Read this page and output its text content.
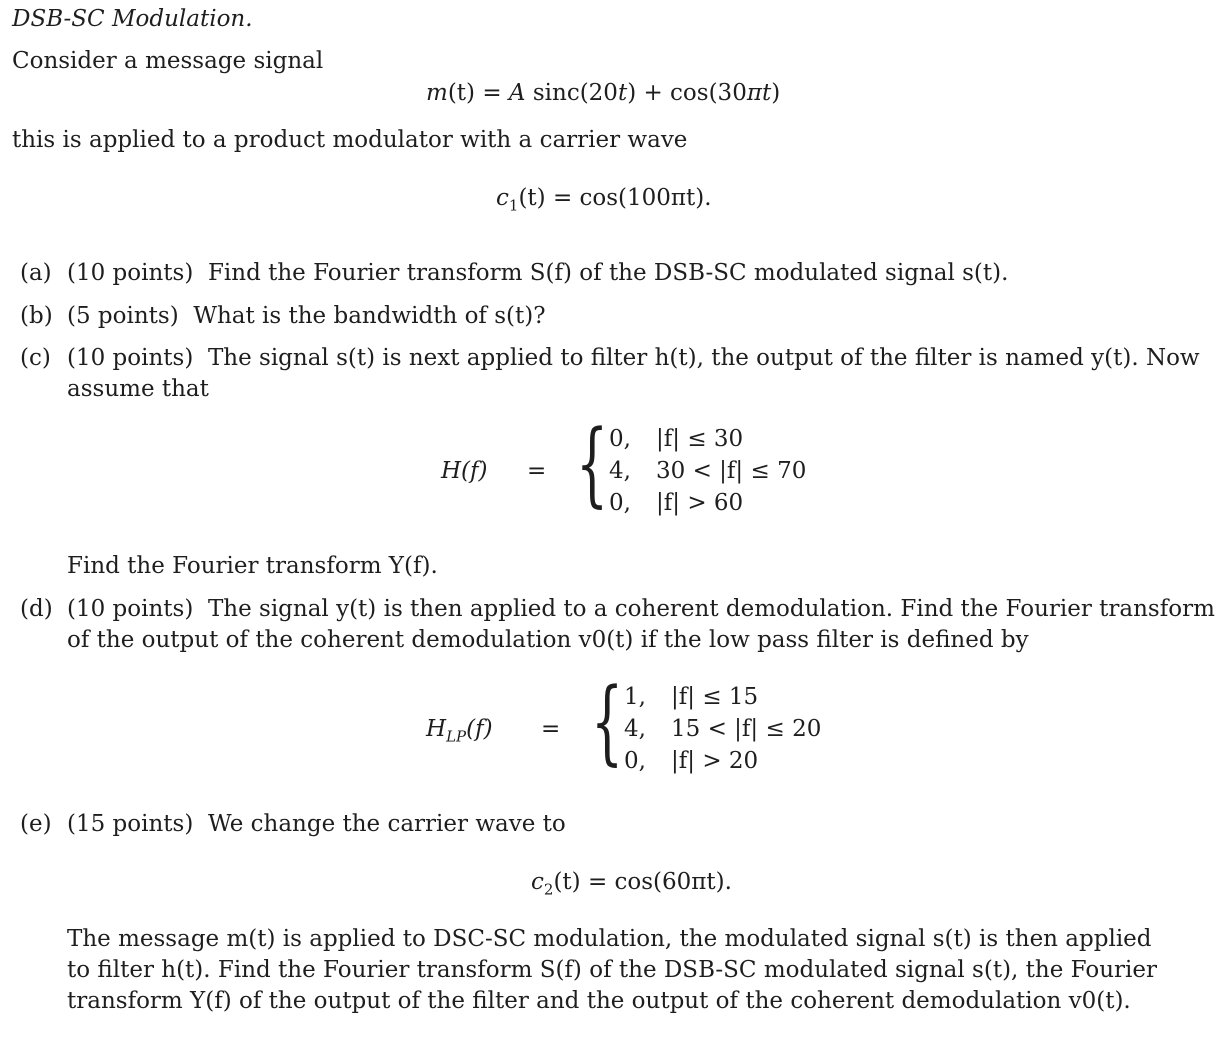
DSB-SC Modulation.
Consider a message signal
m(t) = A sinc(20t) + cos(30πt)
this is applied to a product modulator with a carrier wave
$c_1(t) = \cos(100\pi t)$.
(a) (10 points) Find the Fourier transform S(f) of the DSB-SC modulated signal s(t).
(b) (5 points) What is the bandwidth of s(t)?
(c) (10 points) The signal s(t) is next applied to filter h(t), the output of the filter is named y(t). Now
assume that
H(f) = { 0, |f| ≤ 30
4, 30 < |f| ≤ 70
0, |f| > 60
Find the Fourier transform Y(f).
(d) (10 points) The signal y(t) is then applied to a coherent demodulation. Find the Fourier transform
of the output of the coherent demodulation v0(t) if the low pass filter is defined by
$H_{LP}(f)$ = { 1, |f| ≤ 15
4, 15 < |f| ≤ 20
0, |f| > 20
(e) (15 points) We change the carrier wave to
$c_2(t) = \cos(60\pi t)$.
The message m(t) is applied to DSC-SC modulation, the modulated signal s(t) is then applied
to filter h(t). Find the Fourier transform S(f) of the DSB-SC modulated signal s(t), the Fourier
transform Y(f) of the output of the filter and the output of the coherent demodulation v0(t).
